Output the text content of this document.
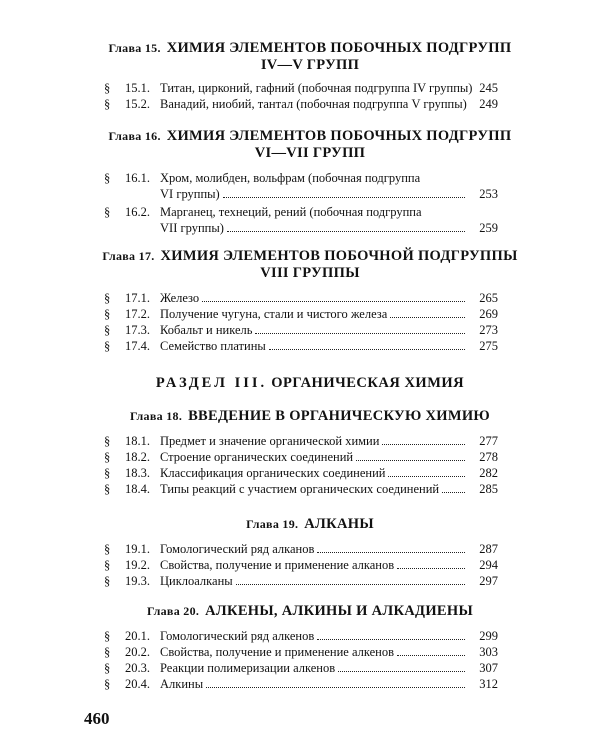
Глава 15. ХИМИЯ ЭЛЕМЕНТОВ ПОБОЧНЫХ ПОДГРУПП
IV—V ГРУПП
§	15.1. Титан, цирконий, гафний (побочная подгруппа IV группы) 245
§	15.2. Ванадий, ниобий, тантал (побочная подгруппа V группы) 249
Глава 16. ХИМИЯ ЭЛЕМЕНТОВ ПОБОЧНЫХ ПОДГРУПП
VI—VII ГРУПП
§	16.1. Хром, молибден, вольфрам (побочная подгруппа
VI группы)	253
§	16.2. Марганец, технеций, рений (побочная подгруппа
VII группы)	259
Глава 17. ХИМИЯ ЭЛЕМЕНТОВ ПОБОЧНОЙ ПОДГРУППЫ
VIII ГРУППЫ
§	17.1. Железо	265
§	17.2. Получение чугуна, стали и чистого железа	269
§	17.3. Кобальт и никель	273
§	17.4. Семейство платины	275
РАЗДЕЛ III. ОРГАНИЧЕСКАЯ ХИМИЯ
Глава 18. ВВЕДЕНИЕ В ОРГАНИЧЕСКУЮ ХИМИЮ
§	18.1. Предмет и значение органической химии	277
§	18.2. Строение органических соединений	278
§	18.3. Классификация органических соединений	282
§	18.4. Типы реакций с участием органических соединений	285
Глава 19. АЛКАНЫ
§	19.1. Гомологический ряд алканов	287
§	19.2. Свойства, получение и применение алканов	294
§	19.3. Циклоалканы	297
Глава 20. АЛКЕНЫ, АЛКИНЫ И АЛКАДИЕНЫ
§	20.1. Гомологический ряд алкенов	299
§	20.2. Свойства, получение и применение алкенов	303
§	20.3. Реакции полимеризации алкенов	307
§	20.4. Алкины	312
460
